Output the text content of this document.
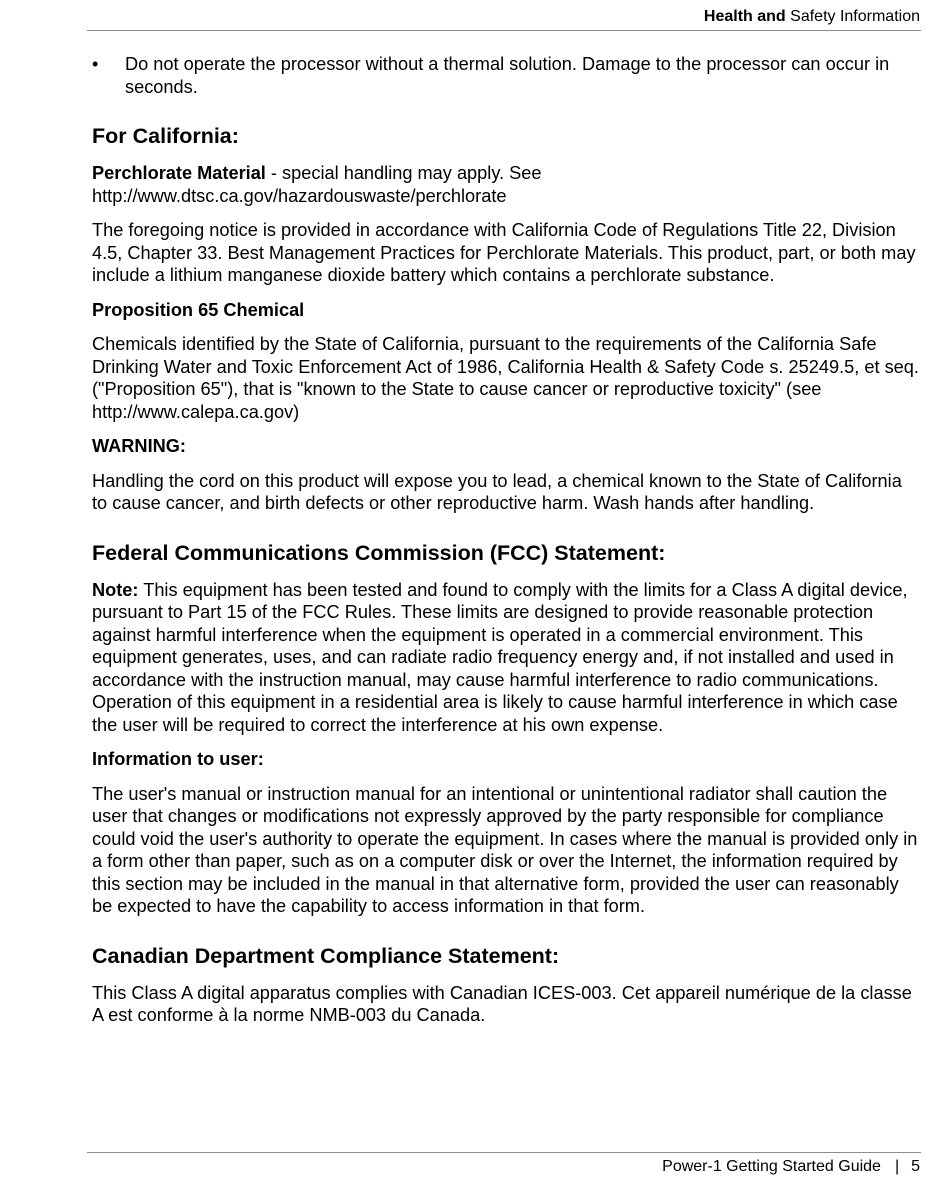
Health and Safety Information
• Do not operate the processor without a thermal solution. Damage to the processor can occur in seconds.
For California:

Perchlorate Material - special handling may apply. See http://www.dtsc.ca.gov/hazardouswaste/perchlorate

The foregoing notice is provided in accordance with California Code of Regulations Title 22, Division 4.5, Chapter 33. Best Management Practices for Perchlorate Materials. This product, part, or both may include a lithium manganese dioxide battery which contains a perchlorate substance.

Proposition 65 Chemical

Chemicals identified by the State of California, pursuant to the requirements of the California Safe Drinking Water and Toxic Enforcement Act of 1986, California Health & Safety Code s. 25249.5, et seq. ("Proposition 65"), that is "known to the State to cause cancer or reproductive toxicity" (see http://www.calepa.ca.gov)

WARNING:

Handling the cord on this product will expose you to lead, a chemical known to the State of California to cause cancer, and birth defects or other reproductive harm. Wash hands after handling.

Federal Communications Commission (FCC) Statement:

Note: This equipment has been tested and found to comply with the limits for a Class A digital device, pursuant to Part 15 of the FCC Rules. These limits are designed to provide reasonable protection against harmful interference when the equipment is operated in a commercial environment. This equipment generates, uses, and can radiate radio frequency energy and, if not installed and used in accordance with the instruction manual, may cause harmful interference to radio communications. Operation of this equipment in a residential area is likely to cause harmful interference in which case the user will be required to correct the interference at his own expense.

Information to user:

The user's manual or instruction manual for an intentional or unintentional radiator shall caution the user that changes or modifications not expressly approved by the party responsible for compliance could void the user's authority to operate the equipment. In cases where the manual is provided only in a form other than paper, such as on a computer disk or over the Internet, the information required by this section may be included in the manual in that alternative form, provided the user can reasonably be expected to have the capability to access information in that form.

Canadian Department Compliance Statement:

This Class A digital apparatus complies with Canadian ICES-003. Cet appareil numérique de la classe A est conforme à la norme NMB-003 du Canada.

Power-1 Getting Started Guide | 5
